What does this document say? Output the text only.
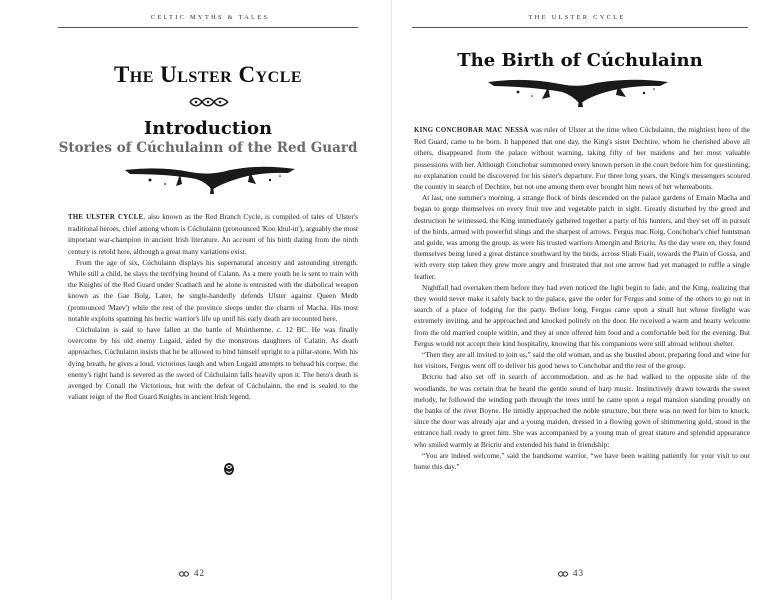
CELTIC MYTHS & TALES
The Ulster Cycle
Introduction
Stories of Cúchulainn of the Red Guard

THE ULSTER CYCLE, also known as the Red Branch Cycle, is compiled of tales of Ulster's traditional heroes, chief among whom is Cúchulainn (pronounced 'Koo khul-in'), arguably the most important war-champion in ancient Irish literature. An account of his birth dating from the ninth century is retold here, although a great many variations exist.

From the age of six, Cúchulainn displays his supernatural ancestry and astounding strength. While still a child, he slays the terrifying hound of Calann. As a mere youth he is sent to train with the Knights of the Red Guard under Scathach and he alone is entrusted with the diabolical weapon known as the Gae Bolg. Later, he single-handedly defends Ulster against Queen Medb (pronounced 'Maev') while the rest of the province sleeps under the charm of Macha. His most notable exploits spanning his hectic warrior's life up until his early death are recounted here.

Cúchulainn is said to have fallen at the battle of Muirthemne, c. 12 BC. He was finally overcome by his old enemy Lugaid, aided by the monstrous daughters of Calatin. As death approaches, Cúchulainn insists that he be allowed to bind himself upright to a pillar-stone. With his dying breath, he gives a loud, victorious laugh and when Lugaid attempts to behead his corpse, the enemy's right hand is severed as the sword of Cúchulainn falls heavily upon it. The hero's death is avenged by Conall the Victorious, but with the defeat of Cúchulainn, the end is sealed to the valiant reign of the Red Guard Knights in ancient Irish legend.

42
THE ULSTER CYCLE
The Birth of Cúchulainn

KING CONCHOBAR MAC NESSA was ruler of Ulster at the time when Cúchulainn, the mightiest hero of the Red Guard, came to be born. It happened that one day, the King's sister Dechtire, whom he cherished above all others, disappeared from the palace without warning, taking fifty of her maidens and her most valuable possessions with her. Although Conchobar summoned every known person in the court before him for questioning, no explanation could be discovered for his sister's departure. For three long years, the King's messengers scoured the country in search of Dechtire, but not one among them ever brought him news of her whereabouts.

At last, one summer's morning, a strange flock of birds descended on the palace gardens of Emain Macha and began to gorge themselves on every fruit tree and vegetable patch in sight. Greatly disturbed by the greed and destruction he witnessed, the King immediately gathered together a party of his hunters, and they set off in pursuit of the birds, armed with powerful slings and the sharpest of arrows. Fergus mac Roig, Conchobar's chief huntsman and guide, was among the group, as were his trusted warriors Amergin and Bricriu. As the day wore on, they found themselves being lured a great distance southward by the birds, across Sliab Fuait, towards the Plain of Gossa, and with every step taken they grew more angry and frustrated that not one arrow had yet managed to ruffle a single feather.

Nightfall had overtaken them before they had even noticed the light begin to fade, and the King, realizing that they would never make it safely back to the palace, gave the order for Fergus and some of the others to go out in search of a place of lodging for the party. Before long, Fergus came upon a small hut whose firelight was extremely inviting, and he approached and knocked politely on the door. He received a warm and hearty welcome from the old married couple within, and they at once offered him food and a comfortable bed for the evening. But Fergus would not accept their kind hospitality, knowing that his companions were still abroad without shelter.

“Then they are all invited to join us,” said the old woman, and as she bustled about, preparing food and wine for her visitors, Fergus went off to deliver his good news to Conchobar and the rest of the group.

Bricriu had also set off in search of accommodation, and as he had walked to the opposite side of the woodlands, he was certain that he heard the gentle sound of harp music. Instinctively drawn towards the sweet melody, he followed the winding path through the trees until he came upon a regal mansion standing proudly on the banks of the river Boyne. He timidly approached the noble structure, but there was no need for him to knock, since the door was already ajar and a young maiden, dressed in a flowing gown of shimmering gold, stood in the entrance hall ready to greet him. She was accompanied by a young man of great stature and splendid appearance who smiled warmly at Bricriu and extended his hand in friendship:

“You are indeed welcome,” said the handsome warrior, “we have been waiting patiently for your visit to our home this day.”

43
